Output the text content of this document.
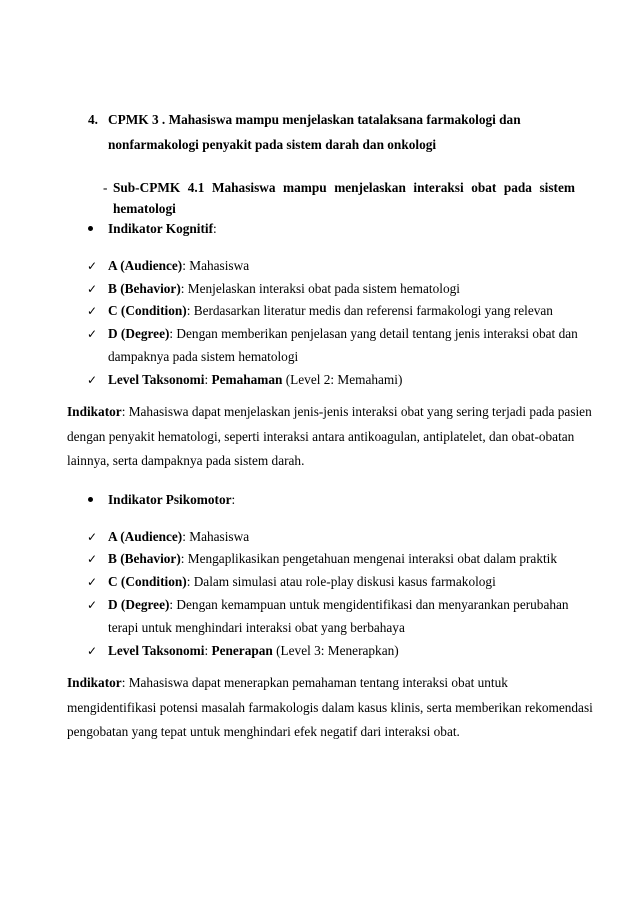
4. CPMK 3 . Mahasiswa mampu menjelaskan tatalaksana farmakologi dan
nonfarmakologi penyakit pada sistem darah dan onkologi
- Sub-CPMK 4.1 Mahasiswa mampu menjelaskan interaksi obat pada sistem
hematologi
Indikator Kognitif:
✓ A (Audience): Mahasiswa
✓ B (Behavior): Menjelaskan interaksi obat pada sistem hematologi
✓ C (Condition): Berdasarkan literatur medis dan referensi farmakologi yang relevan
✓ D (Degree): Dengan memberikan penjelasan yang detail tentang jenis interaksi obat dan
dampaknya pada sistem hematologi
✓ Level Taksonomi: Pemahaman (Level 2: Memahami)
Indikator: Mahasiswa dapat menjelaskan jenis-jenis interaksi obat yang sering terjadi pada pasien
dengan penyakit hematologi, seperti interaksi antara antikoagulan, antiplatelet, dan obat-obatan
lainnya, serta dampaknya pada sistem darah.
Indikator Psikomotor:
✓ A (Audience): Mahasiswa
✓ B (Behavior): Mengaplikasikan pengetahuan mengenai interaksi obat dalam praktik
✓ C (Condition): Dalam simulasi atau role-play diskusi kasus farmakologi
✓ D (Degree): Dengan kemampuan untuk mengidentifikasi dan menyarankan perubahan
terapi untuk menghindari interaksi obat yang berbahaya
✓ Level Taksonomi: Penerapan (Level 3: Menerapkan)
Indikator: Mahasiswa dapat menerapkan pemahaman tentang interaksi obat untuk
mengidentifikasi potensi masalah farmakologis dalam kasus klinis, serta memberikan rekomendasi
pengobatan yang tepat untuk menghindari efek negatif dari interaksi obat.
